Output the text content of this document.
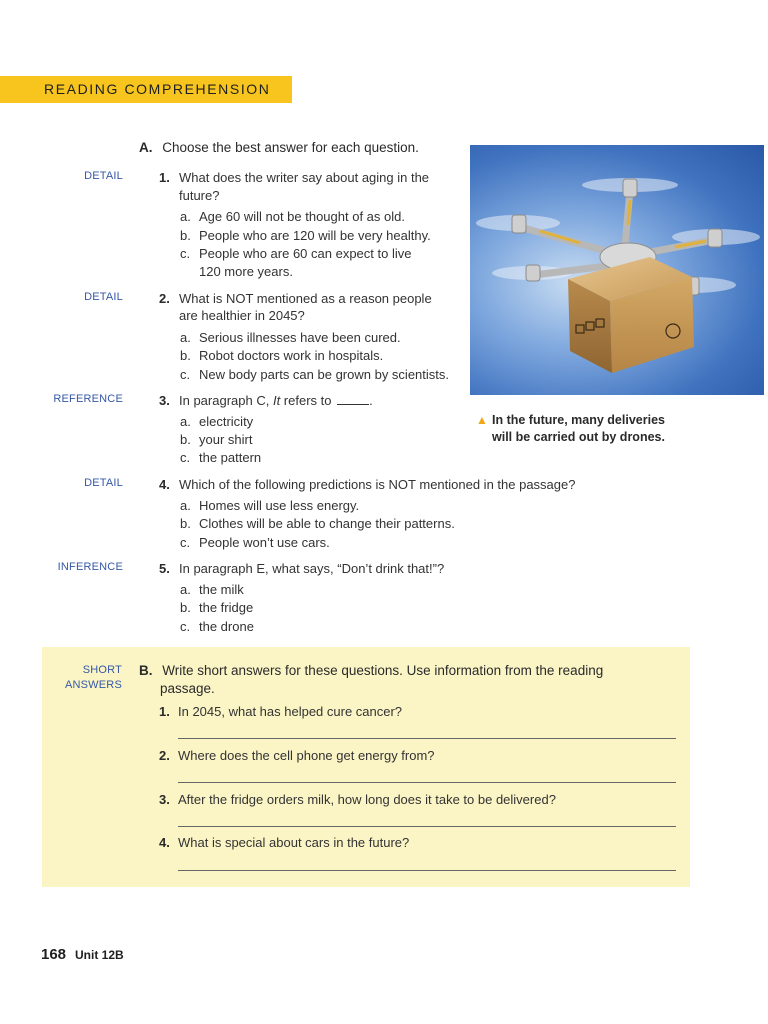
READING COMPREHENSION
A. Choose the best answer for each question.
DETAIL	1. What does the writer say about aging in the
future?
a. Age 60 will not be thought of as old.
b. People who are 120 will be very healthy.
c. People who are 60 can expect to live
120 more years.
DETAIL	2. What is NOT mentioned as a reason people
are healthier in 2045?
a. Serious illnesses have been cured.
b. Robot doctors work in hospitals.
c. New body parts can be grown by scientists.
REFERENCE	3. In paragraph C, It refers to	.
a. electricity
b. your shirt
c. the pattern
DETAIL	4. Which of the following predictions is NOT mentioned in the passage?
a. Homes will use less energy.
b. Clothes will be able to change their patterns.
c. People won’t use cars.
INFERENCE	5. In paragraph E, what says, “Don’t drink that!”?
a. the milk
b. the fridge
c. the drone
▲ In the future, many deliveries
will be carried out by drones.
SHORT
ANSWERS
B. Write short answers for these questions. Use information from the reading
passage.
1. In 2045, what has helped cure cancer?
2. Where does the cell phone get energy from?
3. After the fridge orders milk, how long does it take to be delivered?
4. What is special about cars in the future?
168 Unit 12B
